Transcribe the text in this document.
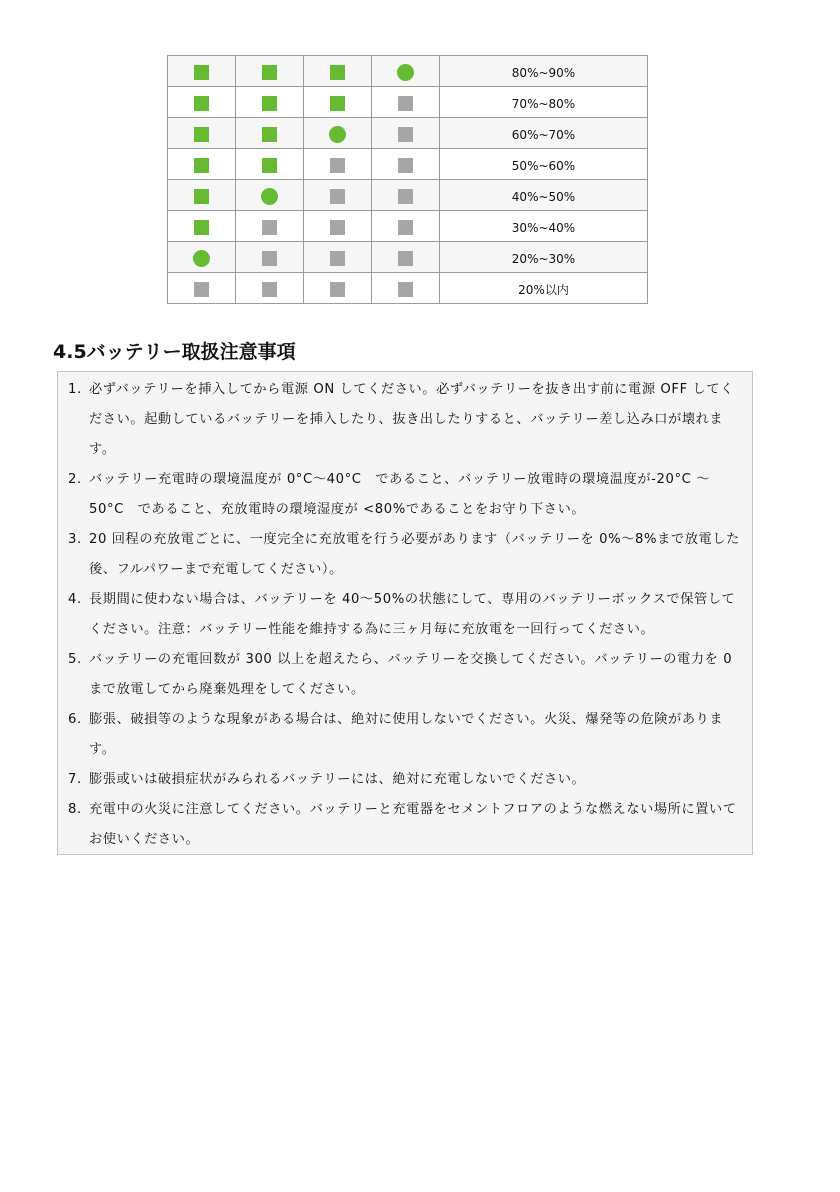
				80%~90%
				70%~80%
				60%~70%
				50%~60%
				40%~50%
				30%~40%
				20%~30%
				20%以内
4.5バッテリー取扱注意事項
1. 必ずバッテリーを挿入してから電源 ON してください。必ずバッテリーを抜き出す前に電源 OFF してください。起動しているバッテリーを挿入したり、抜き出したりすると、バッテリー差し込み口が壊れます。
2. バッテリー充電時の環境温度が 0°C～40°C　であること、バッテリー放電時の環境温度が-20°C ～50°C　であること、充放電時の環境湿度が <80%であることをお守り下さい。
3. 20 回程の充放電ごとに、一度完全に充放電を行う必要があります（バッテリーを 0%～8%まで放電した後、フルパワーまで充電してください）。
4. 長期間に使わない場合は、バッテリーを 40～50%の状態にして、専用のバッテリーボックスで保管してください。注意：バッテリー性能を維持する為に三ヶ月毎に充放電を一回行ってください。
5. バッテリーの充電回数が 300 以上を超えたら、バッテリーを交換してください。バッテリーの電力を 0 まで放電してから廃棄処理をしてください。
6. 膨張、破損等のような現象がある場合は、絶対に使用しないでください。火災、爆発等の危険があります。
7. 膨張或いは破損症状がみられるバッテリーには、絶対に充電しないでください。
8. 充電中の火災に注意してください。バッテリーと充電器をセメントフロアのような燃えない場所に置いてお使いください。
